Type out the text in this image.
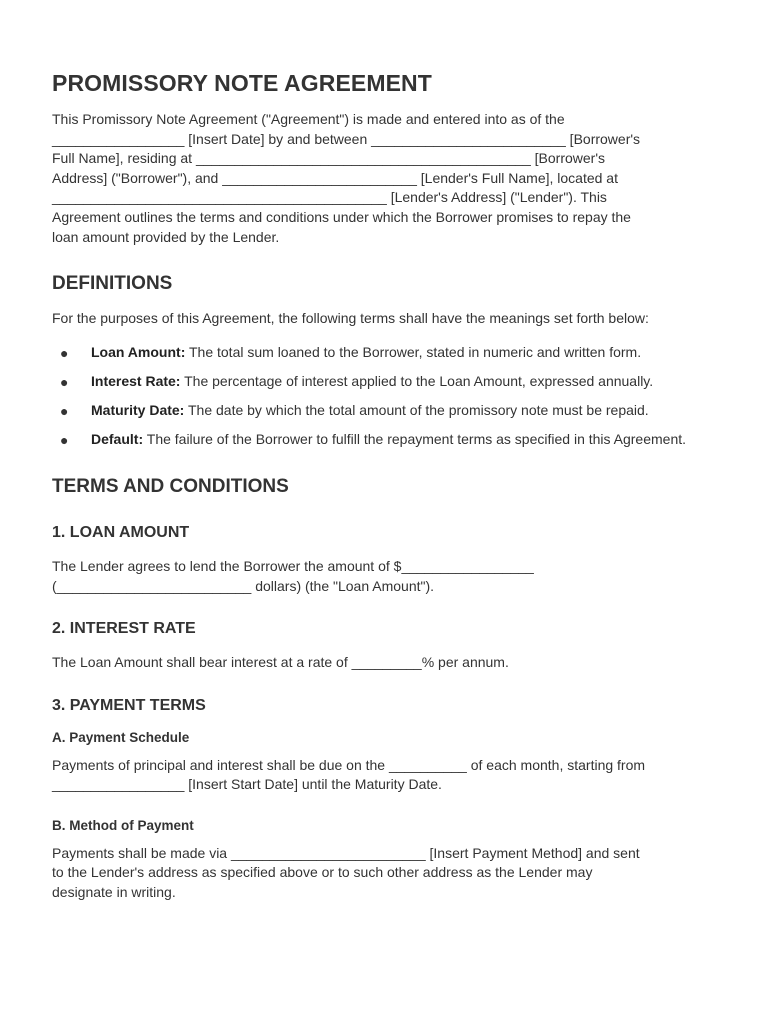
PROMISSORY NOTE AGREEMENT

This Promissory Note Agreement ("Agreement") is made and entered into as of the
_________________ [Insert Date] by and between _________________________ [Borrower's
Full Name], residing at ___________________________________________ [Borrower's
Address] ("Borrower"), and _________________________ [Lender's Full Name], located at
___________________________________________ [Lender's Address] ("Lender"). This
Agreement outlines the terms and conditions under which the Borrower promises to repay the
loan amount provided by the Lender.

DEFINITIONS

For the purposes of this Agreement, the following terms shall have the meanings set forth below:

● Loan Amount: The total sum loaned to the Borrower, stated in numeric and written form.
● Interest Rate: The percentage of interest applied to the Loan Amount, expressed annually.
● Maturity Date: The date by which the total amount of the promissory note must be repaid.
● Default: The failure of the Borrower to fulfill the repayment terms as specified in this Agreement.
TERMS AND CONDITIONS
1. LOAN AMOUNT

The Lender agrees to lend the Borrower the amount of $_________________
(_________________________ dollars) (the "Loan Amount").

2. INTEREST RATE

The Loan Amount shall bear interest at a rate of _________% per annum.

3. PAYMENT TERMS
A. Payment Schedule

Payments of principal and interest shall be due on the __________ of each month, starting from
_________________ [Insert Start Date] until the Maturity Date.

B. Method of Payment

Payments shall be made via _________________________ [Insert Payment Method] and sent
to the Lender's address as specified above or to such other address as the Lender may
designate in writing.
